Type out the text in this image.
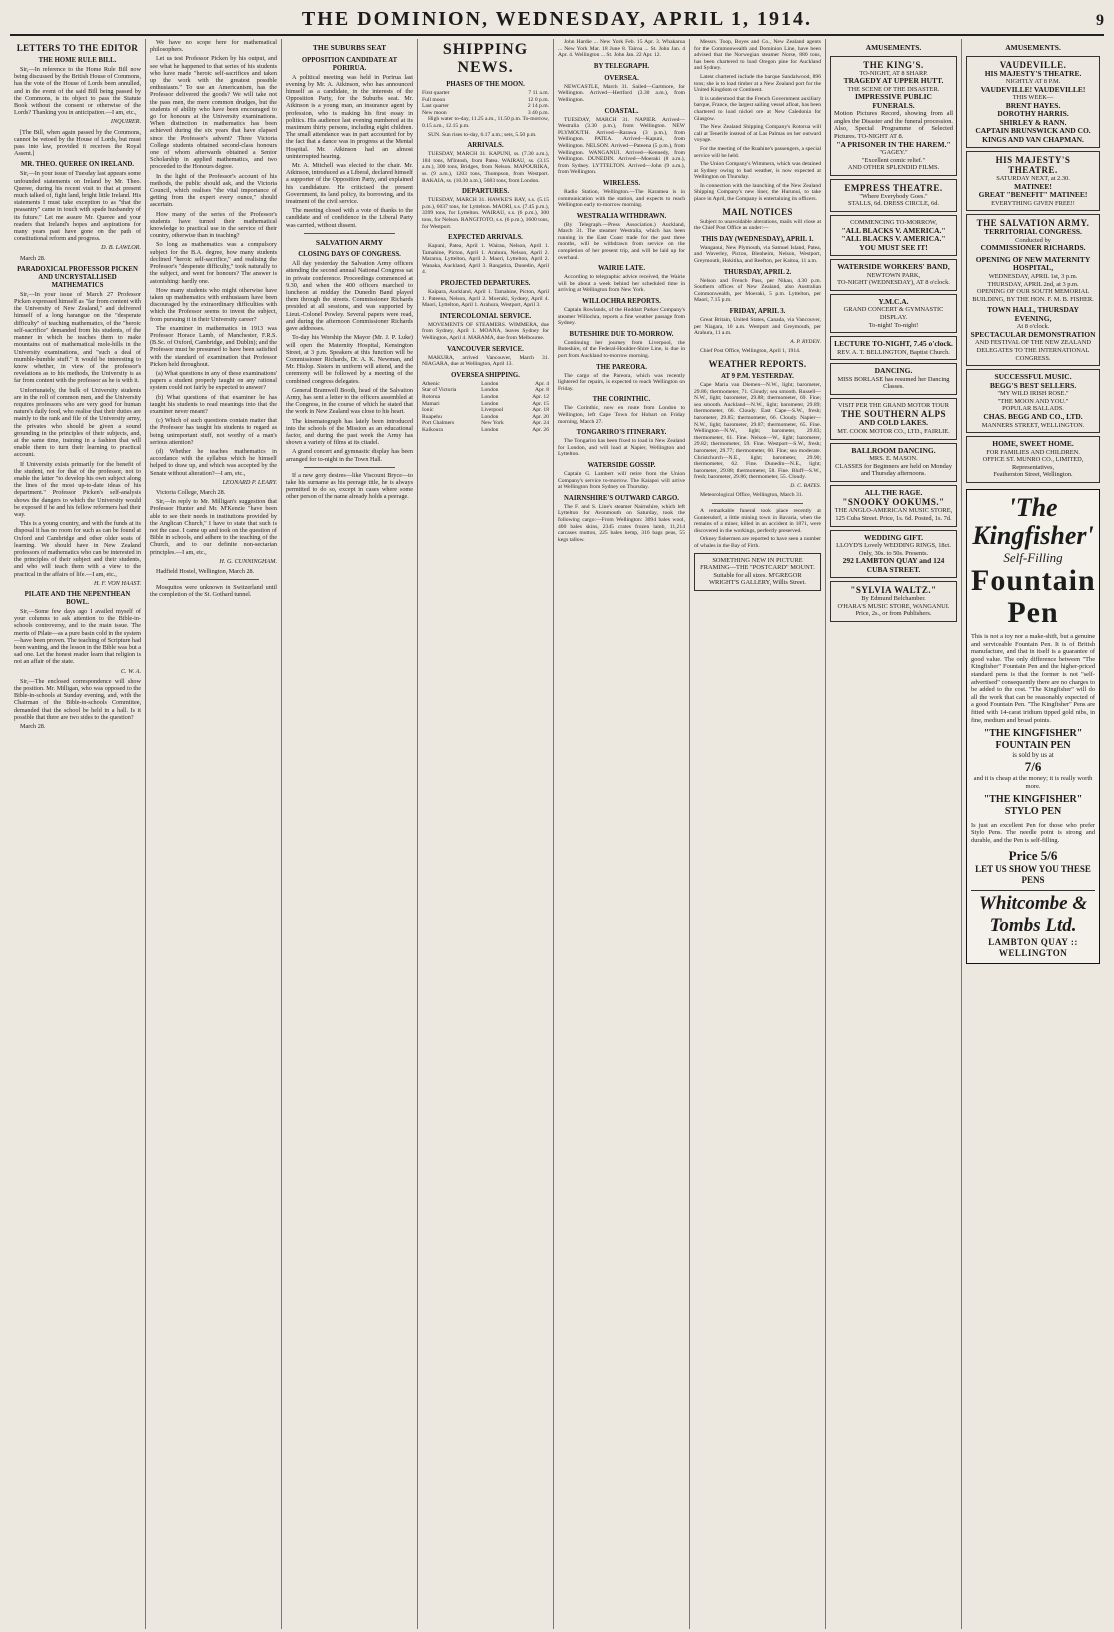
THE DOMINION, WEDNESDAY, APRIL 1, 1914.	9
LETTERS TO THE EDITOR
THE HOME RULE BILL.

Sir,—In reference to the Home Rule Bill now being discussed by the British House of Commons, has the vote of the House of Lords been annulled, and in the event of the said Bill being passed by the Commons, is its object to pass the Statute Book without the consent or otherwise of the Lords? Thanking you in anticipation.—I am, etc.,

INQUIRER.

[The Bill, when again passed by the Commons, cannot be vetoed by the House of Lords, but must pass into law, provided it receives the Royal Assent.]

MR. THEO. QUEREE ON IRELAND.

Sir,—In your issue of Tuesday last appears some unfounded statements on Ireland by Mr. Theo. Queree, during his recent visit to that at present much talked of, fight land, bright little Ireland. His statements I must take exception to as "that the peasantry" came in touch with spade husbandry of its future." Let me assure Mr. Queree and your readers that Ireland's hopes and aspirations for many years past have gone on the path of constitutional reform and progress.

D. B. LAWLOR.

March 28.

PARADOXICAL PROFESSOR PICKEN AND UNCRYSTALLISED MATHEMATICS

Sir,—In your issue of March 27 Professor Picken expressed himself as "far from content with the University of New Zealand," and delivered himself of a long harangue on the "desperate difficulty" of teaching mathematics, of the "heroic self-sacrifice" demanded from his students, of the manner in which he teaches them to make mountains out of mathematical mole-hills in the University examinations, and "such a deal of mumble-bumble stuff." It would be interesting to know whether, in view of the professor's revelations as to his methods, the University is as far from content with the professor as he is with it.

Unfortunately, the bulk of University students are in the roll of common men, and the University requires professors who are very good for human nature's daily food, who realise that their duties are mainly to the rank and file of the University army, the privates who should be given a sound grounding in the principles of their subjects, and, at the same time, training in a fashion that will enable them to turn their learning to practical account.

If University exists primarily for the benefit of the student, not for that of the professor, not to enable the latter "to develop his own subject along the lines of the most up-to-date ideas of his department." Professor Picken's self-analysis shows the dangers to which the University would be exposed if he and his fellow reformers had their way.

This is a young country, and with the funds at its disposal it has no room for such as can be found at Oxford and Cambridge and other older seats of learning. We should have in New Zealand professors of mathematics who can be interested in the principles of their subject and their students, and who will teach them with a view to the practical in the affairs of life.—I am, etc.,

H. F. VON HAAST.

PILATE AND THE NEPENTHEAN BOWL.

Sir,—Some few days ago I availed myself of your columns to ask attention to the Bible-in-schools controversy, and to the main issue. The merits of Pilate—as a pure basin cold in the system—have been proven. The teaching of Scripture had been wanting, and the lesson in the Bible was but a sad one. Let the honest reader learn that religion is not an affair of the state.

C. W. A.

Sir,—The enclosed correspondence will show the position. Mr. Milligan, who was opposed to the Bible-in-schools at Sunday evening, and, with the Chairman of the Bible-in-schools Committee, demanded that the school be held in a hall. Is it possible that there are two sides to the question?

March 28.

We have no scope here for mathematical philosophers.

Let us test Professor Picken by his output, and see what he happened to that series of his students who have made "heroic self-sacrifices and taken up the work with the greatest possible enthusiasm." To use an Americanism, has the Professor delivered the goods? We will take not the pass men, the mere common drudges, but the students of ability who have been encouraged to go for honours at the University examinations. When distinction in mathematics has been achieved during the six years that have elapsed since the Professor's advent? Three Victoria College students obtained second-class honours one of whom afterwards obtained a Senior Scholarship in applied mathematics, and two proceeded to the Honours degree.

In the light of the Professor's account of his methods, the public should ask, and the Victoria Council, which realises "the vital importance of getting from the expert every ounce," should ascertain.

How many of the series of the Professor's students have turned their mathematical knowledge to practical use in the service of their country, otherwise than in teaching?

So long as mathematics was a compulsory subject for the B.A. degree, how many students declined "heroic self-sacrifice," and realising the Professor's "desperate difficulty," took naturally to the subject, and went for honours? The answer is astonishing: hardly one.

How many students who might otherwise have taken up mathematics with enthusiasm have been discouraged by the extraordinary difficulties with which the Professor seems to invest the subject, from pursuing it in their University career?

The examiner in mathematics in 1913 was Professor Horace Lamb, of Manchester, F.R.S. (B.Sc. of Oxford, Cambridge, and Dublin); and the Professor must be presumed to have been satisfied with the standard of examination that Professor Picken held throughout.

(a) What questions in any of these examinations' papers a student properly taught on any rational system could not fairly be expected to answer?

(b) What questions of that examiner he has taught his students to read meanings into that the examiner never meant?

(c) Which of such questions contain matter that the Professor has taught his students to regard as being unimportant stuff, not worthy of a man's serious attention?

(d) Whether he teaches mathematics in accordance with the syllabus which he himself helped to draw up, and which was accepted by the Senate without alteration?—I am, etc.,

LEONARD P. LEARY.

Victoria College, March 28.

Sir,—In reply to Mr. Milligan's suggestion that Professor Hunter and Mr. M'Kenzie "have been able to see their needs in institutions provided by the Anglican Church," I have to state that such is not the case. I came up and took on the question of Bible in schools, and adhere to the teaching of the Church, and to our definite non-sectarian principles.—I am, etc.,

H. G. CUNNINGHAM.

Hadfield Hostel, Wellington, March 28.

Mosquitos were unknown in Switzerland until the completion of the St. Gothard tunnel.

THE SUBURBS SEAT
OPPOSITION CANDIDATE AT PORIRUA.

A political meeting was held in Porirua last evening by Mr. A. Atkinson, who has announced himself as a candidate, in the interests of the Opposition Party, for the Suburbs seat. Mr. Atkinson is a young man, an insurance agent by profession, who is making his first essay in politics. His audience last evening numbered at its maximum thirty persons, including eight children. The small attendance was in part accounted for by the fact that a dance was in progress at the Mental Hospital. Mr. Atkinson had an almost uninterrupted hearing.

Mr. A. Mitchell was elected to the chair. Mr. Atkinson, introduced as a Liberal, declared himself a supporter of the Opposition Party, and explained his candidature. He criticised the present Government, its land policy, its borrowing, and its treatment of the civil service.

The meeting closed with a vote of thanks to the candidate and of confidence in the Liberal Party was carried, without dissent.

SALVATION ARMY
CLOSING DAYS OF CONGRESS.

All day yesterday the Salvation Army officers attending the second annual National Congress sat in private conference. Proceedings commenced at 9.30, and when the 400 officers marched to luncheon at midday the Dunedin Band played them through the streets. Commissioner Richards presided at all sessions, and was supported by Lieut.-Colonel Powley. Several papers were read, and during the afternoon Commissioner Richards gave addresses.

To-day his Worship the Mayor (Mr. J. P. Luke) will open the Maternity Hospital, Kensington Street, at 3 p.m. Speakers at this function will be Commissioner Richards, Dr. A. K. Newman, and Mr. Hislop. Sisters in uniform will attend, and the ceremony will be followed by a meeting of the combined congress delegates.

General Bramwell Booth, head of the Salvation Army, has sent a letter to the officers assembled at the Congress, in the course of which he stated that the work in New Zealand was close to his heart.

The kinematograph has lately been introduced into the schools of the Mission as an educational factor, and during the past week the Army has shown a variety of films at its citadel.

A grand concert and gymnastic display has been arranged for to-night in the Town Hall.

If a new gory desires—like Viscount Bryce—to take his surname as his peerage title, he is always permitted to do so, except in cases where some other person of the name already holds a peerage.

SHIPPING NEWS.
PHASES OF THE MOON.
First quarter	7 11 a.m.
Full moon	12 0 p.m.
Last quarter	2 14 p.m.
New moon	3 40 p.m.

High water to-day, 11.25 a.m., 11.50 p.m. To-morrow, 0.15 a.m., 12.15 p.m.

SUN. Sun rises to-day, 6.17 a.m.; sets, 5.50 p.m.

ARRIVALS.

TUESDAY, MARCH 31. KAPUNI, ss. (7.30 a.m.), 184 tons, M'Intosh, from Patea. WAIRAU, ss. (3.15 a.m.), 300 tons, Bridges, from Nelson. MAPOURIKA, ss. (9 a.m.), 1203 tons, Thompson, from Westport. RAKAIA, ss. (10.30 a.m.), 5683 tons, from London.

DEPARTURES.

TUESDAY, MARCH 31. HAWKE'S BAY, s.s. (5.15 p.m.), 6037 tons, for Lyttelton. MAORI, s.s. (7.45 p.m.), 3399 tons, for Lyttelton. WAIRAU, s.s. (6 p.m.), 300 tons, for Nelson. RANGITOTO, s.s. (6 p.m.), 1600 tons, for Westport.

EXPECTED ARRIVALS.

Kapuni, Patea, April 1. Wairau, Nelson, April 1. Tamahine, Picton, April 1. Arahura, Nelson, April 2. Mararoa, Lyttelton, April 2. Maori, Lyttelton, April 2. Wanaka, Auckland, April 3. Rangatira, Dunedin, April 4.

PROJECTED DEPARTURES.

Kaipara, Auckland, April 1. Tamahine, Picton, April 1. Pateena, Nelson, April 2. Moeraki, Sydney, April 4. Maori, Lyttelton, April 1. Arahura, Westport, April 3.

INTERCOLONIAL SERVICE.

MOVEMENTS OF STEAMERS. WIMMERA, due from Sydney, April 1. MOANA, leaves Sydney for Wellington, April 4. MARAMA, due from Melbourne.

VANCOUVER SERVICE.

MAKURA, arrived Vancouver, March 31. NIAGARA, due at Wellington, April 13.

OVERSEA SHIPPING.
Athenic	London	Apr. 4
Star of Victoria	London	Apr. 8
Rotorua	London	Apr. 12
Mamari	London	Apr. 15
Ionic	Liverpool	Apr. 18
Ruapehu	London	Apr. 20
Port Chalmers	New York	Apr. 24
Kaikoura	London	Apr. 26

John Hardie ... New York Feb. 15 Apr. 3. Whakarua ... New York Mar. 18 June 8. Tairoa ... St. John Jan. 4 Apr. 4. Wellington ... St. John Jan. 22 Apr. 12.

BY TELEGRAPH.
OVERSEA.

NEWCASTLE, March 31. Sailed—Gartmore, for Wellington. Arrived—Hertford (3.30 a.m.), from Wellington.

COASTAL.

TUESDAY, MARCH 31. NAPIER. Arrived—Westralia (3.30 p.m.), from Wellington. NEW PLYMOUTH. Arrived—Rarawa (3 p.m.), from Wellington. PATEA. Arrived—Kapuni, from Wellington. NELSON. Arrived—Pateena (5 p.m.), from Wellington. WANGANUI. Arrived—Kennedy, from Wellington. DUNEDIN. Arrived—Moeraki (8 a.m.), from Sydney. LYTTELTON. Arrived—John (9 a.m.), from Wellington.

WIRELESS.

Radio Station, Wellington.—The Karamea is in communication with the station, and expects to reach Wellington early to-morrow morning.

WESTRALIA WITHDRAWN.

(By Telegraph.—Press Association.) Auckland, March 31. The steamer Westralia, which has been running in the East Coast trade for the past three months, will be withdrawn from service on the completion of her present trip, and will be laid up for overhaul.

WAIRIE LATE.

According to telegraphic advice received, the Wairie will be about a week behind her scheduled time in arriving at Wellington from New York.

WILLOCHRA REPORTS.

Captain Rowlands, of the Huddart Parker Company's steamer Willochra, reports a fine weather passage from Sydney.

BUTESHIRE DUE TO-MORROW.

Continuing her journey from Liverpool, the Buteshire, of the Federal-Houlder-Shire Line, is due in port from Auckland to-morrow morning.

THE PAREORA.

The cargo of the Pareora, which was recently lightered for repairs, is expected to reach Wellington on Friday.

THE CORINTHIC.

The Corinthic, now en route from London to Wellington, left Cape Town for Hobart on Friday morning, March 27.

TONGARIRO'S ITINERARY.

The Tongariro has been fixed to load in New Zealand for London, and will load at Napier, Wellington and Lyttelton.

WATERSIDE GOSSIP.

Captain G. Lambert will retire from the Union Company's service to-morrow. The Kaiapoi will arrive at Wellington from Sydney on Thursday.

NAIRNSHIRE'S OUTWARD CARGO.

The F. and S. Line's steamer Nairnshire, which left Lyttelton for Avonmouth on Saturday, took the following cargo:—From Wellington: 3094 bales wool, 400 bales skins, 2345 crates frozen lamb, 11,214 carcases mutton, 225 bales hemp, 316 bags peas, 55 kegs tallow.

Messrs. Toop, Boyes and Co., New Zealand agents for the Commonwealth and Dominion Line, have been advised that the Norwegian steamer Norse, 880 tons, has been chartered to load Oregon pine for Auckland and Sydney.

Latest chartered include the barque Sandalwood, 896 tons; she is to load timber at a New Zealand port for the United Kingdom or Continent.

It is understood that the French Government auxiliary barque, France, the largest sailing vessel afloat, has been chartered to load nickel ore at New Caledonia for Glasgow.

The New Zealand Shipping Company's Rotorua will call at Tenerife instead of at Las Palmas on her outward voyage.

For the meeting of the Ruahine's passengers, a special service will be held.

The Union Company's Wimmera, which was detained at Sydney owing to bad weather, is now expected at Wellington on Thursday.

In connection with the launching of the New Zealand Shipping Company's new liner, the Hurunui, to take place in April, the Company is entertaining its officers.

MAIL NOTICES

Subject to unavoidable alterations, mails will close at the Chief Post Office as under:—

THIS DAY (WEDNESDAY), APRIL 1.

Wanganui, New Plymouth, via Samuel Island, Patea, and Waverley, Picton, Blenheim, Nelson, Westport, Greymouth, Hokitika, and Reefton, per Kaitoa, 11 a.m.

THURSDAY, APRIL 2.

Nelson and French Pass, per Nikau, 4.30 p.m. Southern offices of New Zealand, also Australian Commonwealth, per Moeraki, 5 p.m. Lyttelton, per Maori, 7.15 p.m.

FRIDAY, APRIL 3.

Great Britain, United States, Canada, via Vancouver, per Niagara, 10 a.m. Westport and Greymouth, per Arahura, 11 a.m.

A. P. RYDEN.

Chief Post Office, Wellington, April 1, 1914.

WEATHER REPORTS.
AT 9 P.M. YESTERDAY.

Cape Maria van Diemen—N.W., light; barometer, 29.86; thermometer, 71. Cloudy; sea smooth. Russell—N.W., light; barometer, 29.88; thermometer, 69. Fine; sea smooth. Auckland—N.W., light; barometer, 29.89; thermometer, 66. Cloudy. East Cape—S.W., fresh; barometer, 29.85; thermometer, 66. Cloudy. Napier—N.W., light; barometer, 29.87; thermometer, 65. Fine. Wellington—N.W., light; barometer, 29.83; thermometer, 61. Fine. Nelson—W., light; barometer, 29.82; thermometer, 59. Fine. Westport—S.W., fresh; barometer, 29.77; thermometer, 60. Fine; sea moderate. Christchurch—N.E., light; barometer, 29.90; thermometer, 62. Fine. Dunedin—N.E., light; barometer, 29.88; thermometer, 58. Fine. Bluff—S.W., fresh; barometer, 29.86; thermometer, 55. Cloudy.

D. C. BATES.

Meteorological Office, Wellington, March 31.

A remarkable funeral took place recently at Guntersdorf, a little mining town in Bavaria, when the remains of a miner, killed in an accident in 1871, were discovered in the workings, perfectly preserved.

Orkney fishermen are reported to have seen a number of whales in the Bay of Firth.

SOMETHING NEW IN PICTURE FRAMING—THE "POSTCARD" MOUNT. Suitable for all sizes. M'GREGOR WRIGHT'S GALLERY, Willis Street.
AMUSEMENTS.
THE KING'S.
TO-NIGHT, AT 8 SHARP.
TRAGEDY AT UPPER HUTT.
THE SCENE OF THE DISASTER.
IMPRESSIVE PUBLIC FUNERALS.
Motion Pictures Record, showing from all angles the Disaster and the funeral procession. Also, Special Programme of Selected Pictures. TO-NIGHT AT 8.
"A PRISONER IN THE HAREM."
"GAGEY."
"Excellent comic relief."
AND OTHER SPLENDID FILMS.
EMPRESS THEATRE.
"Where Everybody Goes."
STALLS, 6d. DRESS CIRCLE, 6d.
COMMENCING TO-MORROW,
"ALL BLACKS V. AMERICA."
"ALL BLACKS V. AMERICA."
YOU MUST SEE IT!
WATERSIDE WORKERS' BAND,
NEWTOWN PARK,
TO-NIGHT (WEDNESDAY), AT 8 o'clock.
Y.M.C.A.
GRAND CONCERT & GYMNASTIC DISPLAY.
To-night! To-night!
LECTURE TO-NIGHT, 7.45 o'clock.
REV. A. T. BELLINGTON, Baptist Church.
DANCING.
MISS BORLASE has resumed her Dancing Classes.
VISIT PER THE GRAND MOTOR TOUR
THE SOUTHERN ALPS
AND COLD LAKES.
MT. COOK MOTOR CO., LTD., FAIRLIE.
BALLROOM DANCING.
MRS. E. MASON.
CLASSES for Beginners are held on Monday and Thursday afternoons.
ALL THE RAGE.
"SNOOKY OOKUMS."
THE ANGLO-AMERICAN MUSIC STORE,
125 Cuba Street. Price, 1s. 6d. Posted, 1s. 7d.
WEDDING GIFT.
LLOYD'S Lovely WEDDING RINGS, 18ct. Only, 30s. to 50s. Presents.
292 LAMBTON QUAY and 124 CUBA STREET.
"SYLVIA WALTZ."
By Edmund Belchamber.
O'HARA'S MUSIC STORE, WANGANUI.
Price, 2s., or from Publishers.
AMUSEMENTS.
VAUDEVILLE.
HIS MAJESTY'S THEATRE.
NIGHTLY AT 8 P.M.
VAUDEVILLE! VAUDEVILLE!
THIS WEEK—
BRENT HAYES.
DOROTHY HARRIS.
SHIRLEY & RANN.
CAPTAIN BRUNSWICK AND CO.
KINGS AND VAN CHAPMAN.
HIS MAJESTY'S THEATRE.
SATURDAY NEXT, at 2.30.
MATINEE!
GREAT "BENEFIT" MATINEE!
EVERYTHING GIVEN FREE!!
THE SALVATION ARMY.
TERRITORIAL CONGRESS.
Conducted by
COMMISSIONER RICHARDS.
OPENING OF NEW MATERNITY HOSPITAL,
WEDNESDAY, APRIL 1st, 3 p.m.
THURSDAY, APRIL 2nd, at 3 p.m.
OPENING OF OUR SOUTH MEMORIAL BUILDING, BY THE HON. F. M. B. FISHER.
TOWN HALL, THURSDAY EVENING,
At 8 o'clock.
SPECTACULAR DEMONSTRATION
AND FESTIVAL OF THE NEW ZEALAND DELEGATES TO THE INTERNATIONAL CONGRESS.
SUCCESSFUL MUSIC.
BEGG'S BEST SELLERS.
"MY WILD IRISH ROSE."
"THE MOON AND YOU."
POPULAR BALLADS.
CHAS. BEGG AND CO., LTD.
MANNERS STREET, WELLINGTON.
HOME, SWEET HOME.
FOR FAMILIES AND CHILDREN.
OFFICE ST. MUNRO CO., LIMITED, Representatives,
Featherston Street, Wellington.
'The Kingfisher'
Self-Filling
Fountain Pen
This is not a toy nor a make-shift, but a genuine and serviceable Fountain Pen. It is of British manufacture, and that in itself is a guarantee of good value. The only difference between "The Kingfisher" Fountain Pen and the higher-priced standard pens is that the former is not "self-advertised" consequently there are no charges to be added to the cost. "The Kingfisher" will do all the work that can be reasonably expected of a good Fountain Pen. "The Kingfisher" Pens are fitted with 14-carat iridium tipped gold nibs, in fine, medium and broad points.
"THE KINGFISHER"
FOUNTAIN PEN
is sold by us at
7/6
and it is cheap at the money; it is really worth more.
"THE KINGFISHER"
STYLO PEN
Is just an excellent Pen for those who prefer Stylo Pens. The needle point is strong and durable, and the Pen is self-filling.
Price 5/6
LET US SHOW YOU THESE PENS
Whitcombe & Tombs Ltd.
LAMBTON QUAY :: WELLINGTON
